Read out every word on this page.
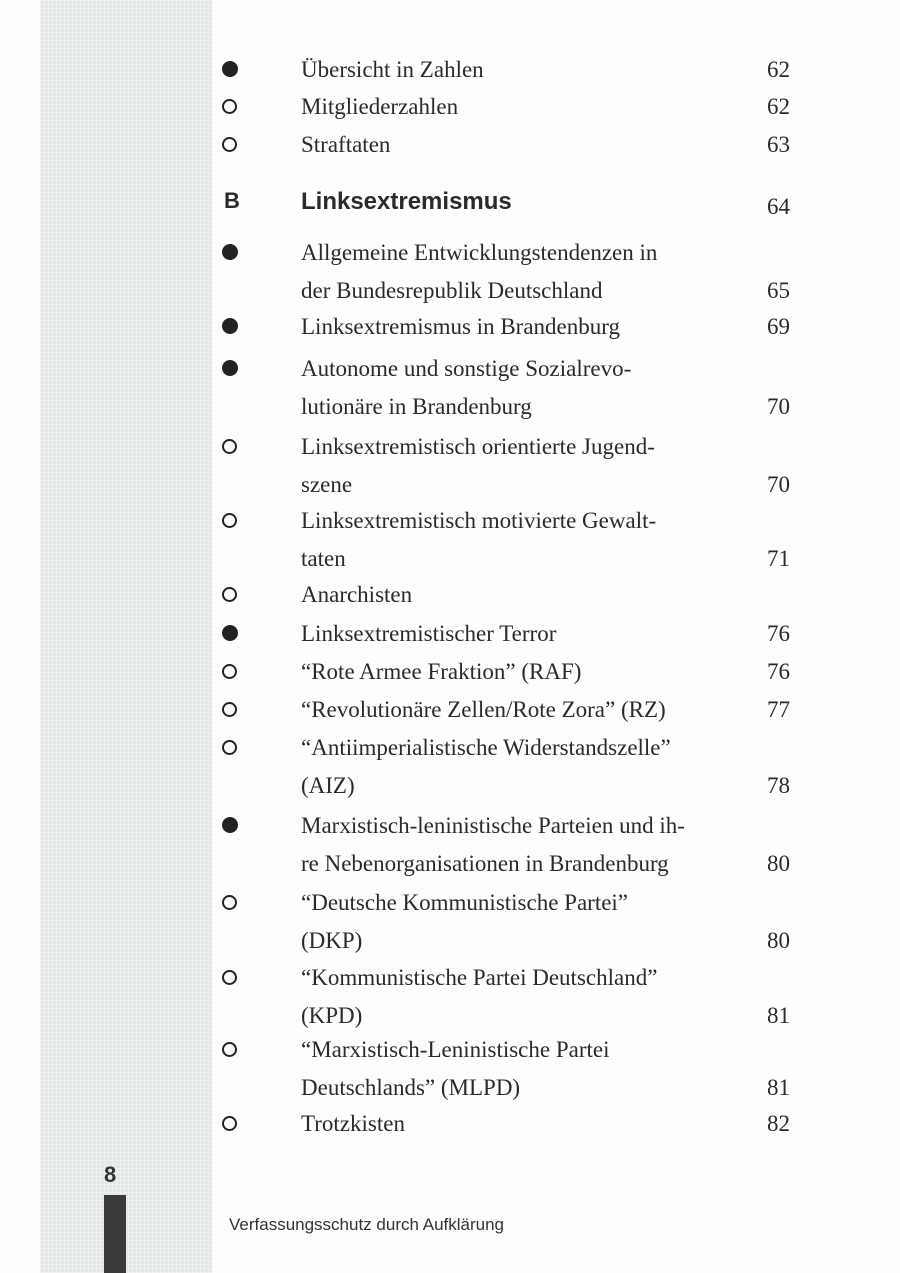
8
Verfassungsschutz durch Aufklärung
Übersicht in Zahlen	62
Mitgliederzahlen	62
Straftaten	63
B	Linksextremismus	64
Allgemeine Entwicklungstendenzen in
der Bundesrepublik Deutschland	65
Linksextremismus in Brandenburg	69
Autonome und sonstige Sozialrevo-
lutionäre in Brandenburg	70
Linksextremistisch orientierte Jugend-
szene	70
Linksextremistisch motivierte Gewalt-
taten	71
Anarchisten
Linksextremistischer Terror	76
“Rote Armee Fraktion” (RAF)	76
“Revolutionäre Zellen/Rote Zora” (RZ)	77
“Antiimperialistische Widerstandszelle”
(AIZ)	78
Marxistisch-leninistische Parteien und ih-
re Nebenorganisationen in Brandenburg	80
“Deutsche Kommunistische Partei”
(DKP)	80
“Kommunistische Partei Deutschland”
(KPD)	81
“Marxistisch-Leninistische Partei
Deutschlands” (MLPD)	81
Trotzkisten	82
